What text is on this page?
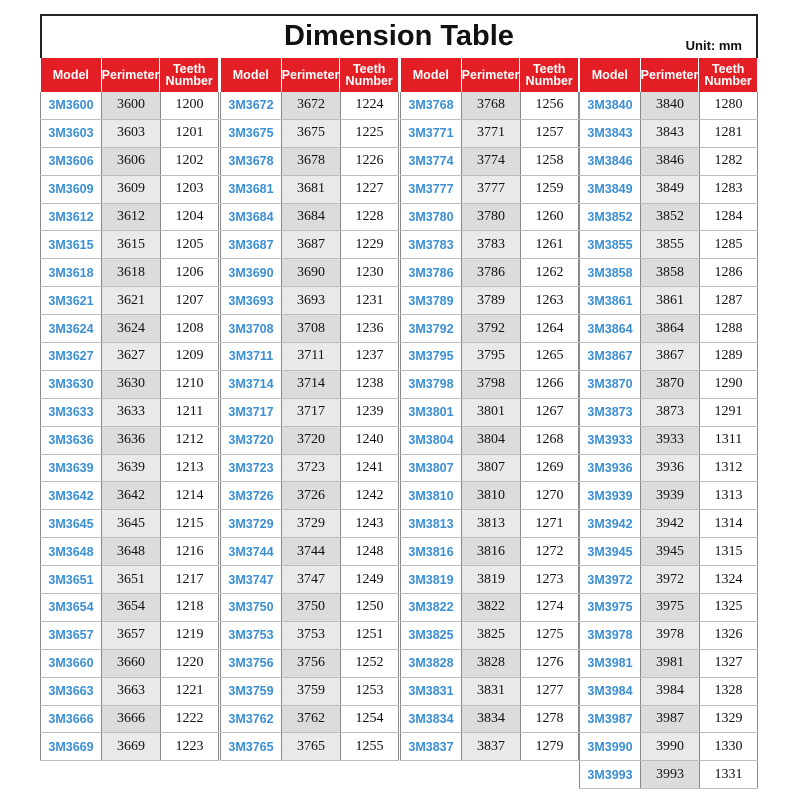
Dimension Table	Unit: mm
Model	Perimeter	Teeth Number
3M3600	3600	1200
3M3603	3603	1201
3M3606	3606	1202
3M3609	3609	1203
3M3612	3612	1204
3M3615	3615	1205
3M3618	3618	1206
3M3621	3621	1207
3M3624	3624	1208
3M3627	3627	1209
3M3630	3630	1210
3M3633	3633	1211
3M3636	3636	1212
3M3639	3639	1213
3M3642	3642	1214
3M3645	3645	1215
3M3648	3648	1216
3M3651	3651	1217
3M3654	3654	1218
3M3657	3657	1219
3M3660	3660	1220
3M3663	3663	1221
3M3666	3666	1222
3M3669	3669	1223
Model	Perimeter	Teeth Number
3M3672	3672	1224
3M3675	3675	1225
3M3678	3678	1226
3M3681	3681	1227
3M3684	3684	1228
3M3687	3687	1229
3M3690	3690	1230
3M3693	3693	1231
3M3708	3708	1236
3M3711	3711	1237
3M3714	3714	1238
3M3717	3717	1239
3M3720	3720	1240
3M3723	3723	1241
3M3726	3726	1242
3M3729	3729	1243
3M3744	3744	1248
3M3747	3747	1249
3M3750	3750	1250
3M3753	3753	1251
3M3756	3756	1252
3M3759	3759	1253
3M3762	3762	1254
3M3765	3765	1255
Model	Perimeter	Teeth Number
3M3768	3768	1256
3M3771	3771	1257
3M3774	3774	1258
3M3777	3777	1259
3M3780	3780	1260
3M3783	3783	1261
3M3786	3786	1262
3M3789	3789	1263
3M3792	3792	1264
3M3795	3795	1265
3M3798	3798	1266
3M3801	3801	1267
3M3804	3804	1268
3M3807	3807	1269
3M3810	3810	1270
3M3813	3813	1271
3M3816	3816	1272
3M3819	3819	1273
3M3822	3822	1274
3M3825	3825	1275
3M3828	3828	1276
3M3831	3831	1277
3M3834	3834	1278
3M3837	3837	1279
Model	Perimeter	Teeth Number
3M3840	3840	1280
3M3843	3843	1281
3M3846	3846	1282
3M3849	3849	1283
3M3852	3852	1284
3M3855	3855	1285
3M3858	3858	1286
3M3861	3861	1287
3M3864	3864	1288
3M3867	3867	1289
3M3870	3870	1290
3M3873	3873	1291
3M3933	3933	1311
3M3936	3936	1312
3M3939	3939	1313
3M3942	3942	1314
3M3945	3945	1315
3M3972	3972	1324
3M3975	3975	1325
3M3978	3978	1326
3M3981	3981	1327
3M3984	3984	1328
3M3987	3987	1329
3M3990	3990	1330
3M3993	3993	1331
